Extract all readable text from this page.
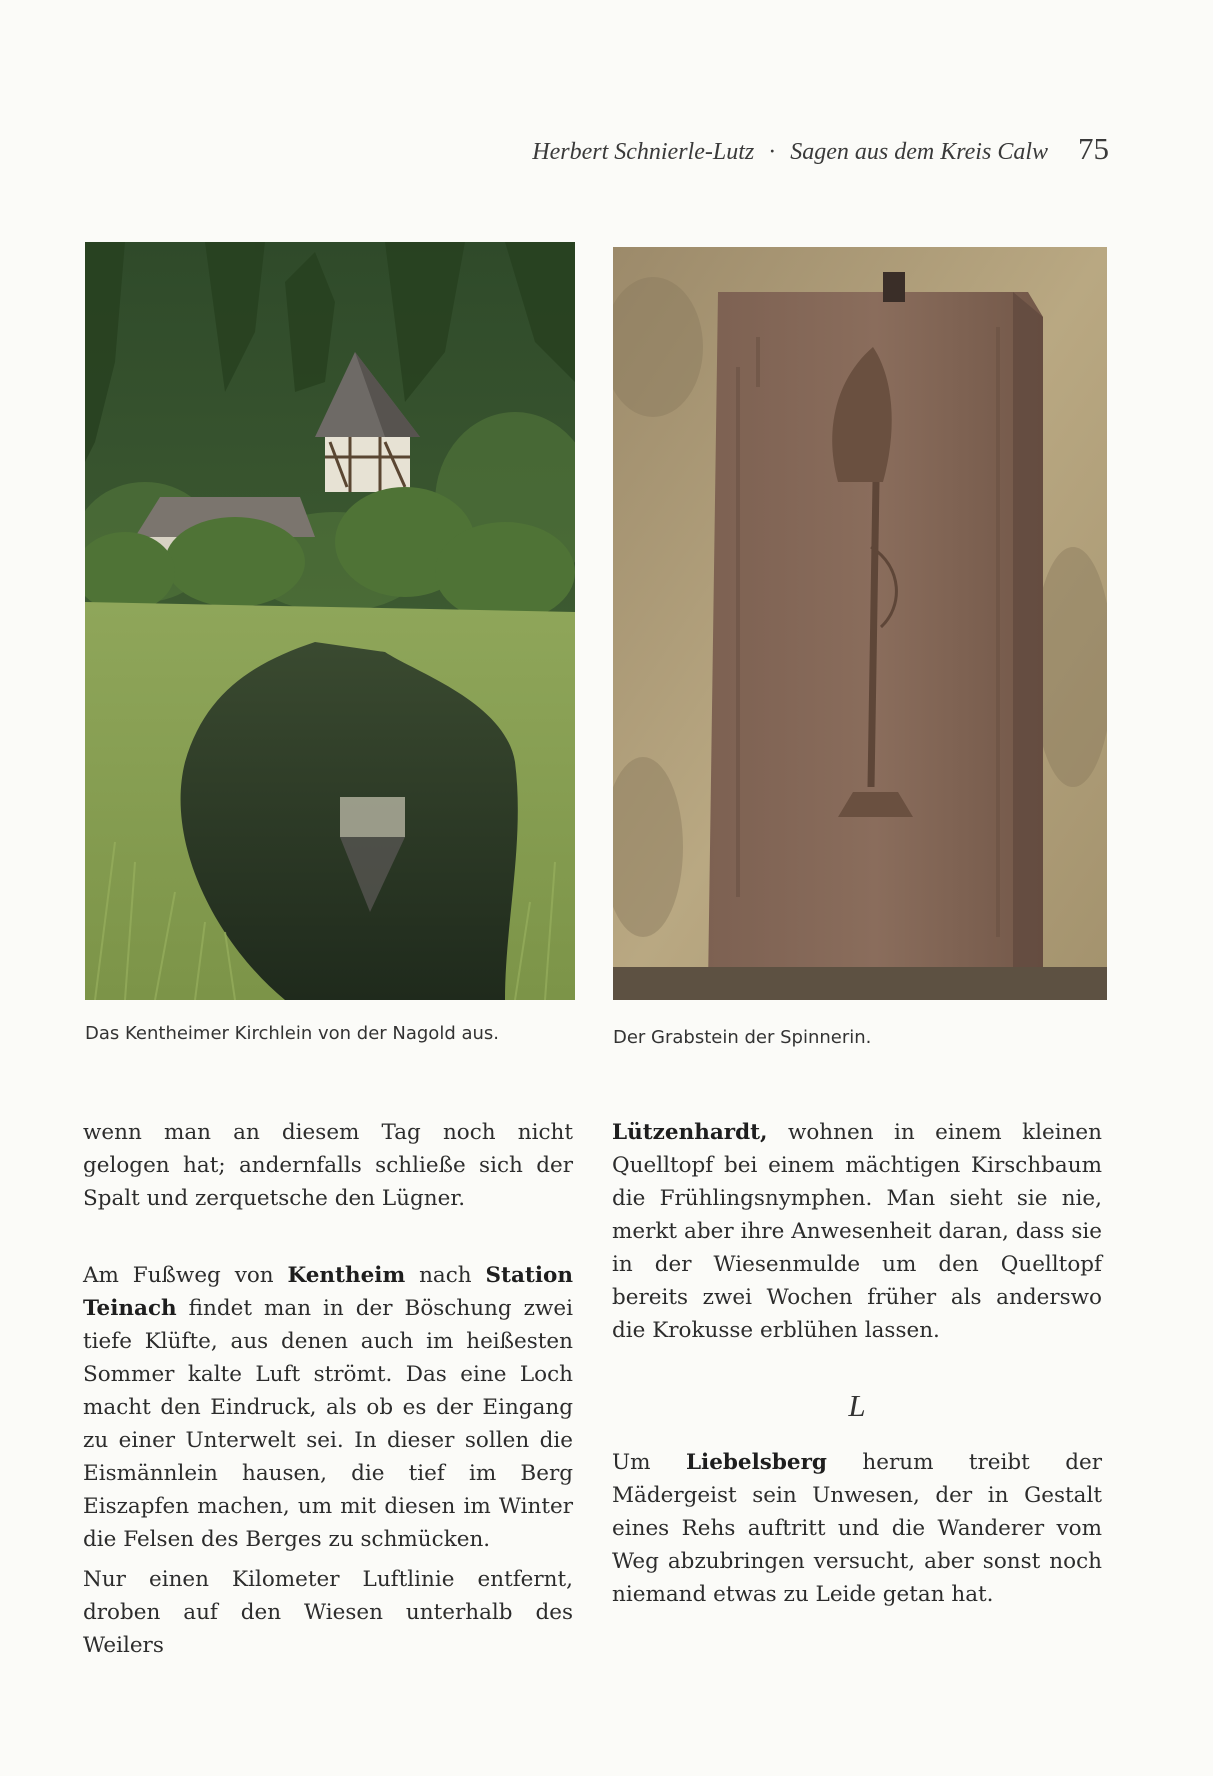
Herbert Schnierle-Lutz · Sagen aus dem Kreis Calw 75
Das Kentheimer Kirchlein von der Nagold aus.	Der Grabstein der Spinnerin.

wenn man an diesem Tag noch nicht gelogen hat; andernfalls schließe sich der Spalt und zerquetsche den Lügner.

Am Fußweg von Kentheim nach Station Teinach findet man in der Böschung zwei tiefe Klüfte, aus denen auch im heißesten Sommer kalte Luft strömt. Das eine Loch macht den Eindruck, als ob es der Eingang zu einer Unterwelt sei. In dieser sollen die Eismännlein hausen, die tief im Berg Eiszapfen machen, um mit diesen im Winter die Felsen des Berges zu schmücken.

Nur einen Kilometer Luftlinie entfernt, droben auf den Wiesen unterhalb des Weilers

Lützenhardt, wohnen in einem kleinen Quelltopf bei einem mächtigen Kirschbaum die Frühlingsnymphen. Man sieht sie nie, merkt aber ihre Anwesenheit daran, dass sie in der Wiesenmulde um den Quelltopf bereits zwei Wochen früher als anderswo die Krokusse erblühen lassen.

L

Um Liebelsberg herum treibt der Mädergeist sein Unwesen, der in Gestalt eines Rehs auftritt und die Wanderer vom Weg abzubringen versucht, aber sonst noch niemand etwas zu Leide getan hat.
